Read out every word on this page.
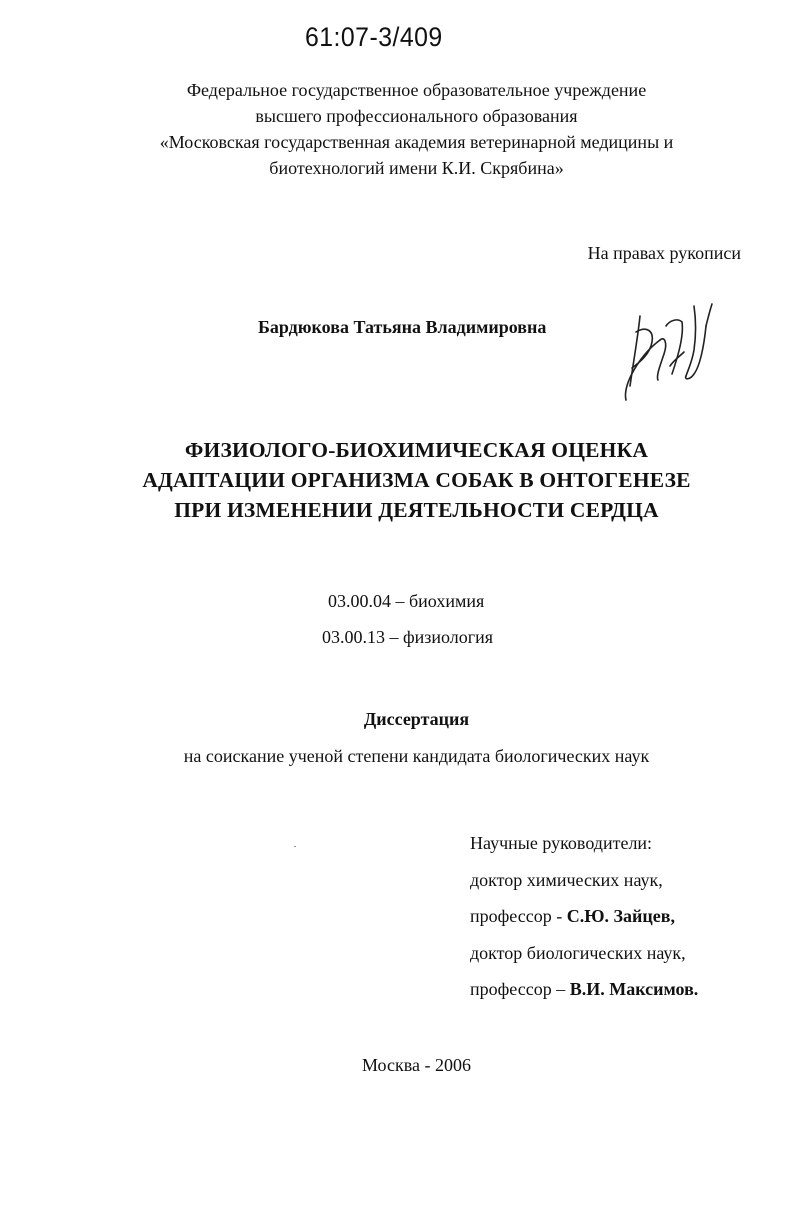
61:07-3/409
Федеральное государственное образовательное учреждение
высшего профессионального образования
«Московская государственная академия ветеринарной медицины и
биотехнологий имени К.И. Скрябина»
На правах рукописи
Бардюкова Татьяна Владимировна
ФИЗИОЛОГО-БИОХИМИЧЕСКАЯ ОЦЕНКА
АДАПТАЦИИ ОРГАНИЗМА СОБАК В ОНТОГЕНЕЗЕ
ПРИ ИЗМЕНЕНИИ ДЕЯТЕЛЬНОСТИ СЕРДЦА
03.00.04 – биохимия
03.00.13 – физиология
Диссертация
на соискание ученой степени кандидата биологических наук
Научные руководители:
доктор химических наук,
профессор - С.Ю. Зайцев,
доктор биологических наук,
профессор – В.И. Максимов.
Москва - 2006
